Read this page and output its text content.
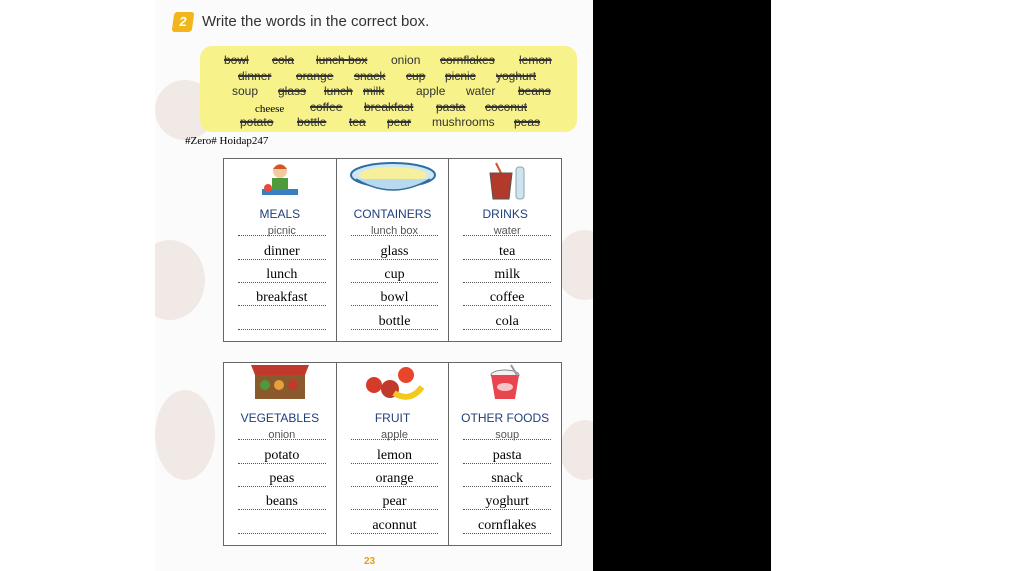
2 Write the words in the correct box.
bowl cola lunch box onion cornflakes lemon
dinner orange snack cup picnic yoghurt
soup glass lunch milk	apple water beans
cheese coffee breakfast pasta coconut
potato bottle tea pear mushrooms peas
#Zero# Hoidap247
MEALS
picnic
dinner
lunch
breakfast
CONTAINERS
lunch box
glass
cup
bowl
bottle
DRINKS
water
tea
milk
coffee
cola
VEGETABLES
onion
potato
peas
beans
FRUIT
apple
lemon
orange
pear
aconnut
OTHER FOODS
soup
pasta
snack
yoghurt
cornflakes
23
